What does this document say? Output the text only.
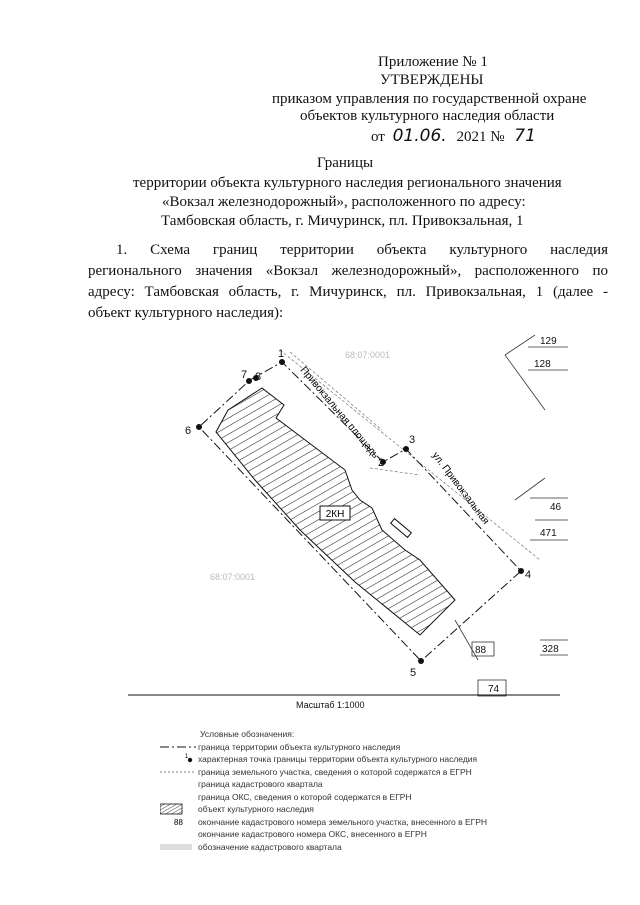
Приложение № 1
УТВЕРЖДЕНЫ
приказом управления по государственной охране
объектов культурного наследия области
от 01.06. 2021 № 71
Границы
территории объекта культурного наследия регионального значения
«Вокзал железнодорожный», расположенного по адресу:
Тамбовская область, г. Мичуринск, пл. Привокзальная, 1
1. Схема границ территории объекта культурного наследия
регионального значения «Вокзал железнодорожный», расположенного по
адресу: Тамбовская область, г. Мичуринск, пл. Привокзальная, 1 (далее -
объект культурного наследия):
68:07:0001
68:07:0001
2КН
1
2
3
4
5
6
7 8	Привокзальная площадь
ул. Привокзальная
129
128
46
471
88
74
328
Масштаб 1:1000
Условные обозначения:
граница территории объекта культурного наследия
1 характерная точка границы территории объекта культурного наследия
граница земельного участка, сведения о которой содержатся в ЕГРН
граница кадастрового квартала
граница ОКС, сведения о которой содержатся в ЕГРН
объект культурного наследия
88 окончание кадастрового номера земельного участка, внесенного в ЕГРН
окончание кадастрового номера ОКС, внесенного в ЕГРН
обозначение кадастрового квартала
